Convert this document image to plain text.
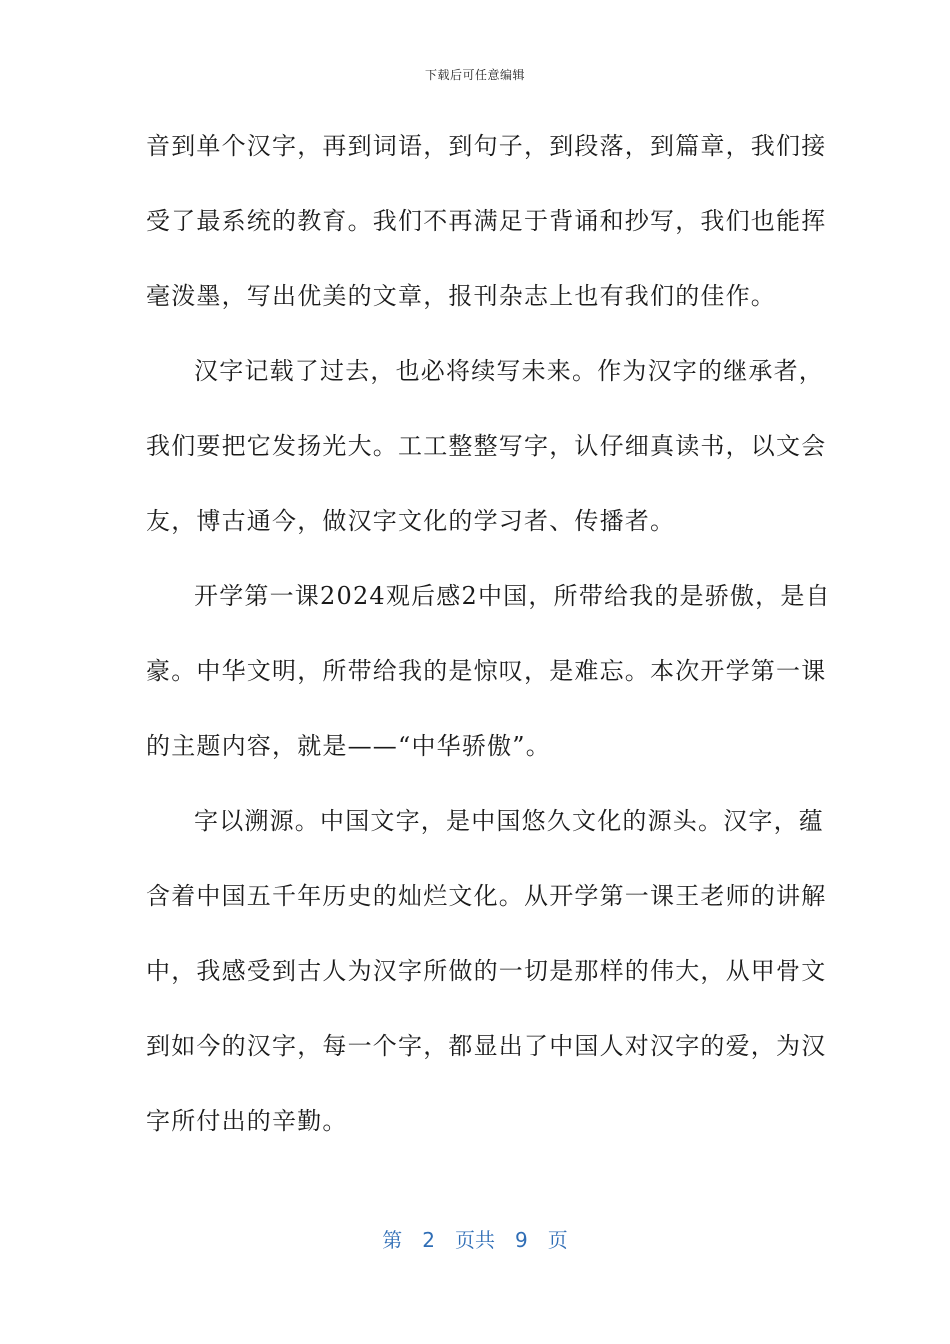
下载后可任意编辑
音到单个汉字，再到词语，到句子，到段落，到篇章，我们接
受了最系统的教育。我们不再满足于背诵和抄写，我们也能挥
毫泼墨，写出优美的文章，报刊杂志上也有我们的佳作。
汉字记载了过去，也必将续写未来。作为汉字的继承者，
我们要把它发扬光大。工工整整写字，认仔细真读书，以文会
友，博古通今，做汉字文化的学习者、传播者。
开学第一课2024观后感2中国，所带给我的是骄傲，是自
豪。中华文明，所带给我的是惊叹，是难忘。本次开学第一课
的主题内容，就是——“中华骄傲”。
字以溯源。中国文字，是中国悠久文化的源头。汉字，蕴
含着中国五千年历史的灿烂文化。从开学第一课王老师的讲解
中，我感受到古人为汉字所做的一切是那样的伟大，从甲骨文
到如今的汉字，每一个字，都显出了中国人对汉字的爱，为汉
字所付出的辛勤。
第 2 页共 9 页
